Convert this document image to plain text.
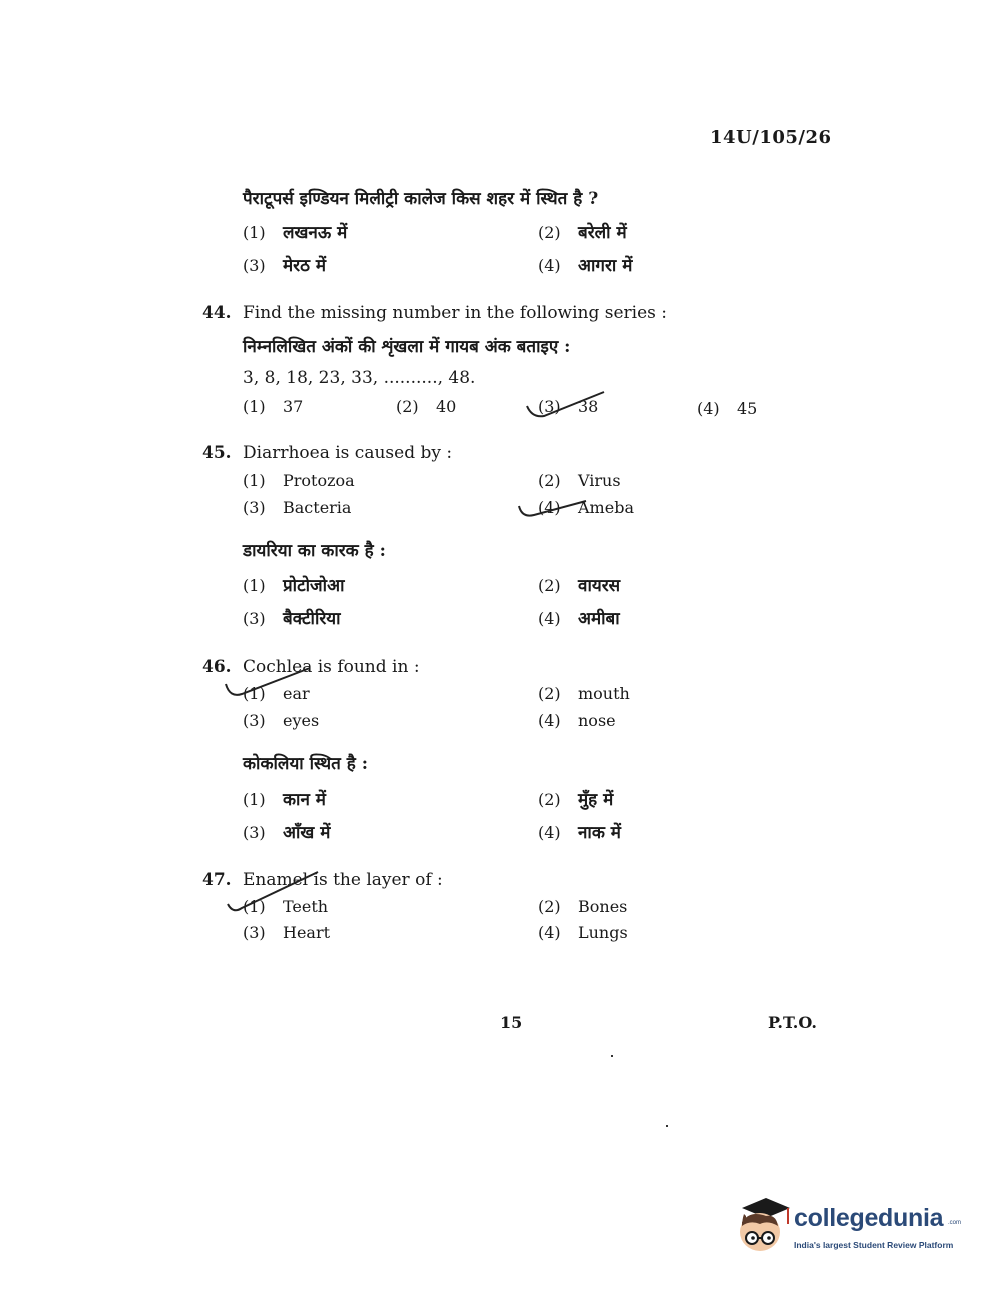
14U/105/26
पैराटूपर्स इण्डियन मिलीट्री कालेज किस शहर में स्थित है ?
(1) लखनऊ में	(2) बरेली में
(3) मेरठ में	(4) आगरा में
44. Find the missing number in the following series :
निम्नलिखित अंकों की शृंखला में गायब अंक बताइए :
3, 8, 18, 23, 33, .........., 48.
(1) 37	(2) 40	(3) 38	(4) 45
45. Diarrhoea is caused by :
(1) Protozoa	(2) Virus
(3) Bacteria	(4) Ameba
डायरिया का कारक है :
(1) प्रोटोजोआ	(2) वायरस
(3) बैक्टीरिया	(4) अमीबा
46. Cochlea is found in :
(1) ear	(2) mouth
(3) eyes	(4) nose
कोकलिया स्थित है :
(1) कान में	(2) मुँह में
(3) आँख में	(4) नाक में
47. Enamel is the layer of :
(1) Teeth	(2) Bones
(3) Heart	(4) Lungs
15	P.T.O.
collegedunia .com
India's largest Student Review Platform
